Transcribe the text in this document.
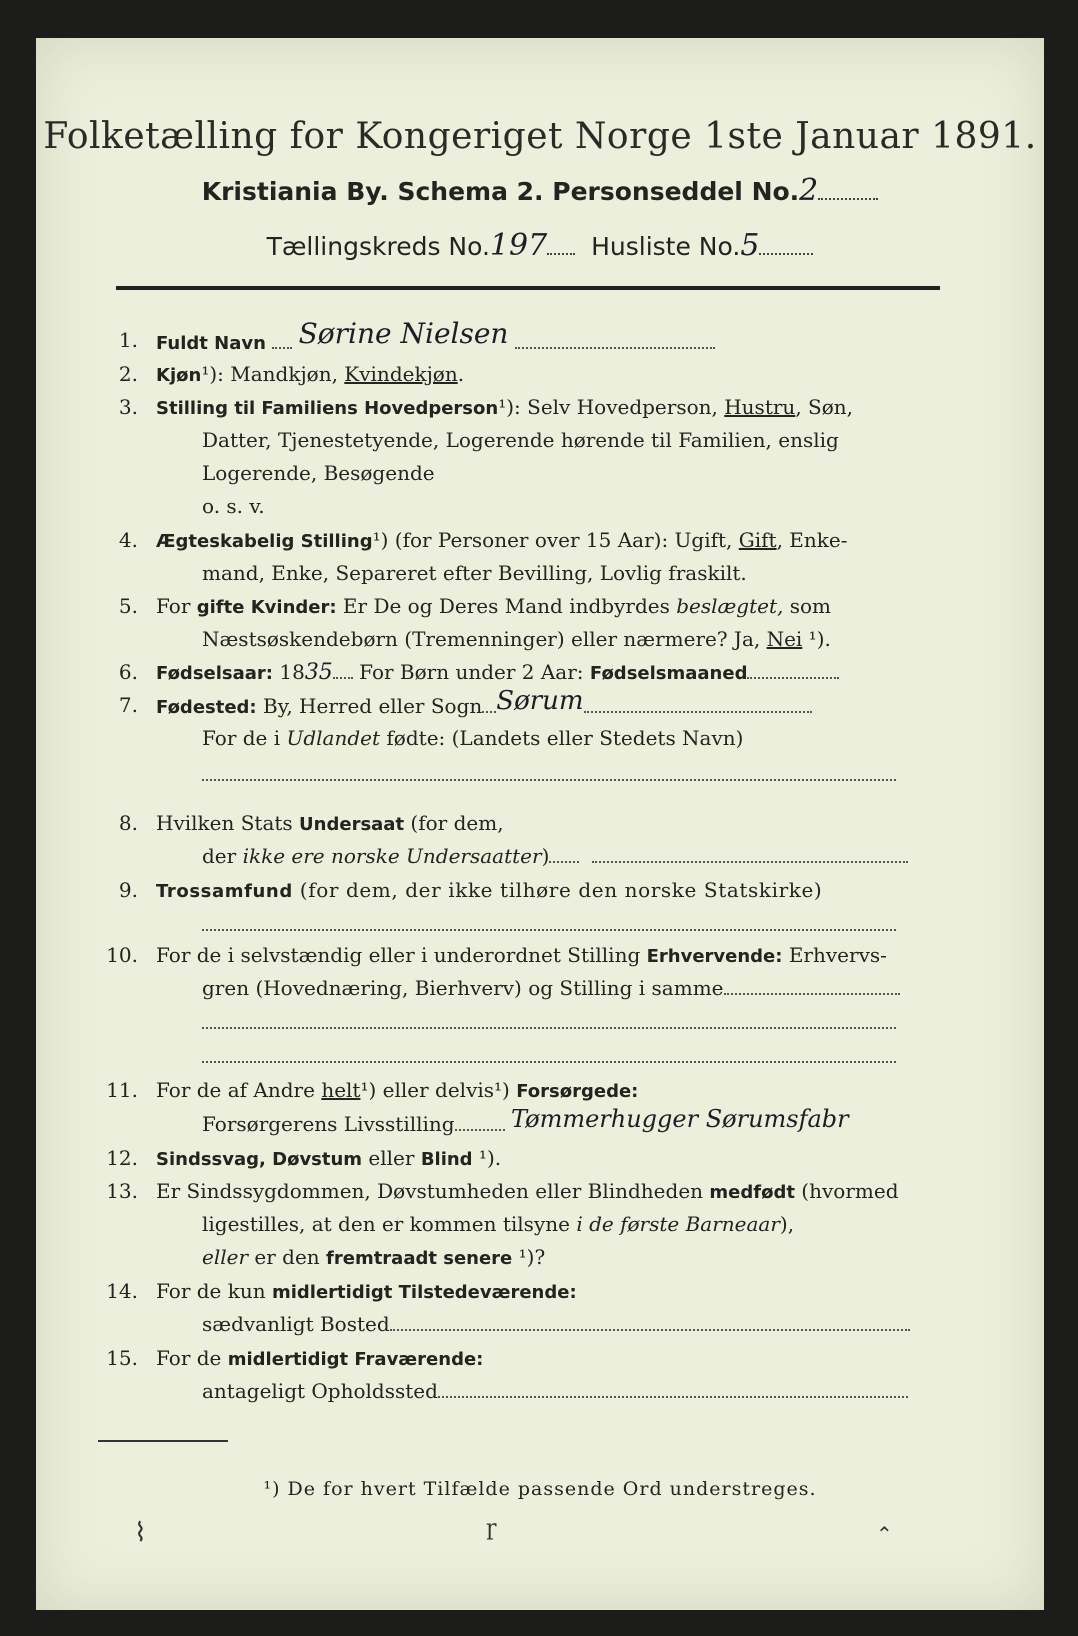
Folketælling for Kongeriget Norge 1ste Januar 1891.
Kristiania By. Schema 2. Personseddel No.2
Tællingskreds No.197 Husliste No.5
1. Fuldt Navn Sørine Nielsen
2. Kjøn¹): Mandkjøn, Kvindekjøn.
3. Stilling til Familiens Hovedperson¹): Selv Hovedperson, Hustru, Søn,
Datter, Tjenestetyende, Logerende hørende til Familien, enslig
Logerende, Besøgende
o. s. v.
4. Ægteskabelig Stilling¹) (for Personer over 15 Aar): Ugift, Gift, Enke-
mand, Enke, Separeret efter Bevilling, Lovlig fraskilt.
5. For gifte Kvinder: Er De og Deres Mand indbyrdes beslægtet, som
Næstsøskendebørn (Tremenninger) eller nærmere? Ja, Nei ¹).
6. Fødselsaar: 1835 For Børn under 2 Aar: Fødselsmaaned
7. Fødested: By, Herred eller Sogn Sørum
For de i Udlandet fødte: (Landets eller Stedets Navn)
8. Hvilken Stats Undersaat (for dem,
der ikke ere norske Undersaatter)
9. Trossamfund (for dem, der ikke tilhøre den norske Statskirke)
10. For de i selvstændig eller i underordnet Stilling Erhvervende: Erhvervs-
gren (Hovednæring, Bierhverv) og Stilling i samme
11. For de af Andre helt¹) eller delvis¹) Forsørgede:
Forsørgerens Livsstilling Tømmerhugger Sørumsfabr
12. Sindssvag, Døvstum eller Blind ¹).
13. Er Sindssygdommen, Døvstumheden eller Blindheden medfødt (hvormed
ligestilles, at den er kommen tilsyne i de første Barneaar),
eller er den fremtraadt senere ¹)?
14. For de kun midlertidigt Tilstedeværende:
sædvanligt Bosted
15. For de midlertidigt Fraværende:
antageligt Opholdssted
¹) De for hvert Tilfælde passende Ord understreges.
⌇	ɼ	⌃
